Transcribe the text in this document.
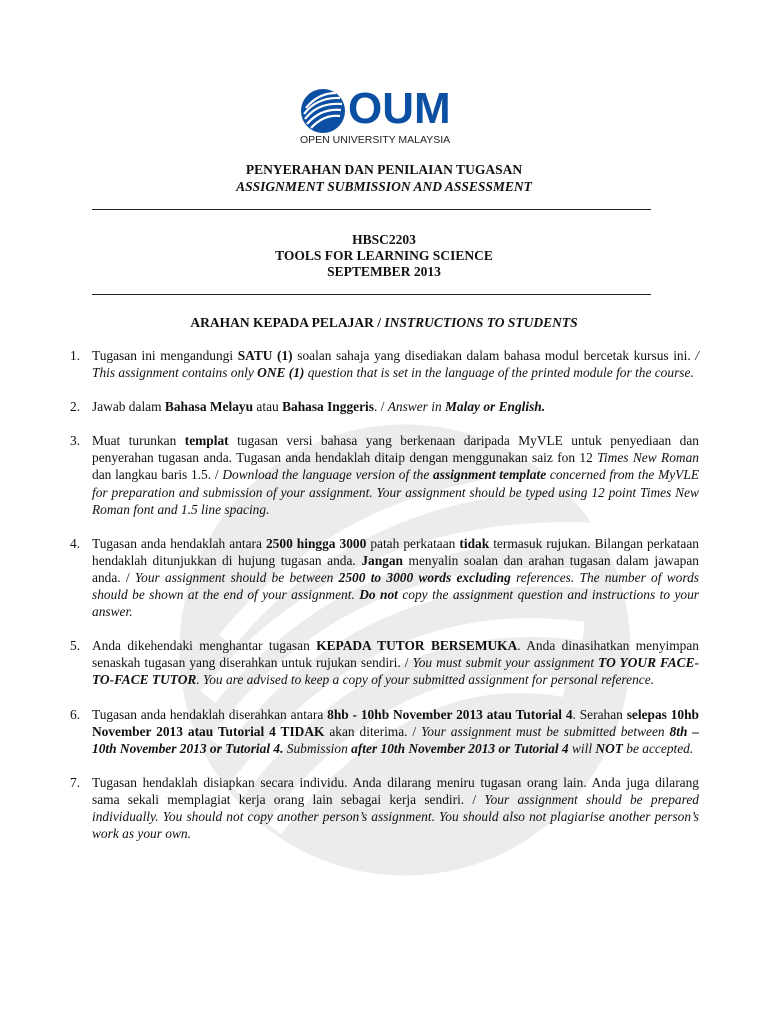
OUM
OPEN UNIVERSITY MALAYSIA
PENYERAHAN DAN PENILAIAN TUGASAN
ASSIGNMENT SUBMISSION AND ASSESSMENT
HBSC2203
TOOLS FOR LEARNING SCIENCE
SEPTEMBER 2013
ARAHAN KEPADA PELAJAR / INSTRUCTIONS TO STUDENTS
1. Tugasan ini mengandungi SATU (1) soalan sahaja yang disediakan dalam bahasa modul bercetak kursus ini. / This assignment contains only ONE (1) question that is set in the language of the printed module for the course.
2. Jawab dalam Bahasa Melayu atau Bahasa Inggeris. / Answer in Malay or English.
3. Muat turunkan templat tugasan versi bahasa yang berkenaan daripada MyVLE untuk penyediaan dan penyerahan tugasan anda. Tugasan anda hendaklah ditaip dengan menggunakan saiz fon 12 Times New Roman dan langkau baris 1.5. / Download the language version of the assignment template concerned from the MyVLE for preparation and submission of your assignment. Your assignment should be typed using 12 point Times New Roman font and 1.5 line spacing.
4. Tugasan anda hendaklah antara 2500 hingga 3000 patah perkataan tidak termasuk rujukan. Bilangan perkataan hendaklah ditunjukkan di hujung tugasan anda. Jangan menyalin soalan dan arahan tugasan dalam jawapan anda. / Your assignment should be between 2500 to 3000 words excluding references. The number of words should be shown at the end of your assignment. Do not copy the assignment question and instructions to your answer.
5. Anda dikehendaki menghantar tugasan KEPADA TUTOR BERSEMUKA. Anda dinasihatkan menyimpan senaskah tugasan yang diserahkan untuk rujukan sendiri. / You must submit your assignment TO YOUR FACE-TO-FACE TUTOR. You are advised to keep a copy of your submitted assignment for personal reference.
6. Tugasan anda hendaklah diserahkan antara 8hb - 10hb November 2013 atau Tutorial 4. Serahan selepas 10hb November 2013 atau Tutorial 4 TIDAK akan diterima. / Your assignment must be submitted between 8th – 10th November 2013 or Tutorial 4. Submission after 10th November 2013 or Tutorial 4 will NOT be accepted.
7. Tugasan hendaklah disiapkan secara individu. Anda dilarang meniru tugasan orang lain. Anda juga dilarang sama sekali memplagiat kerja orang lain sebagai kerja sendiri. / Your assignment should be prepared individually. You should not copy another person’s assignment. You should also not plagiarise another person’s work as your own.
